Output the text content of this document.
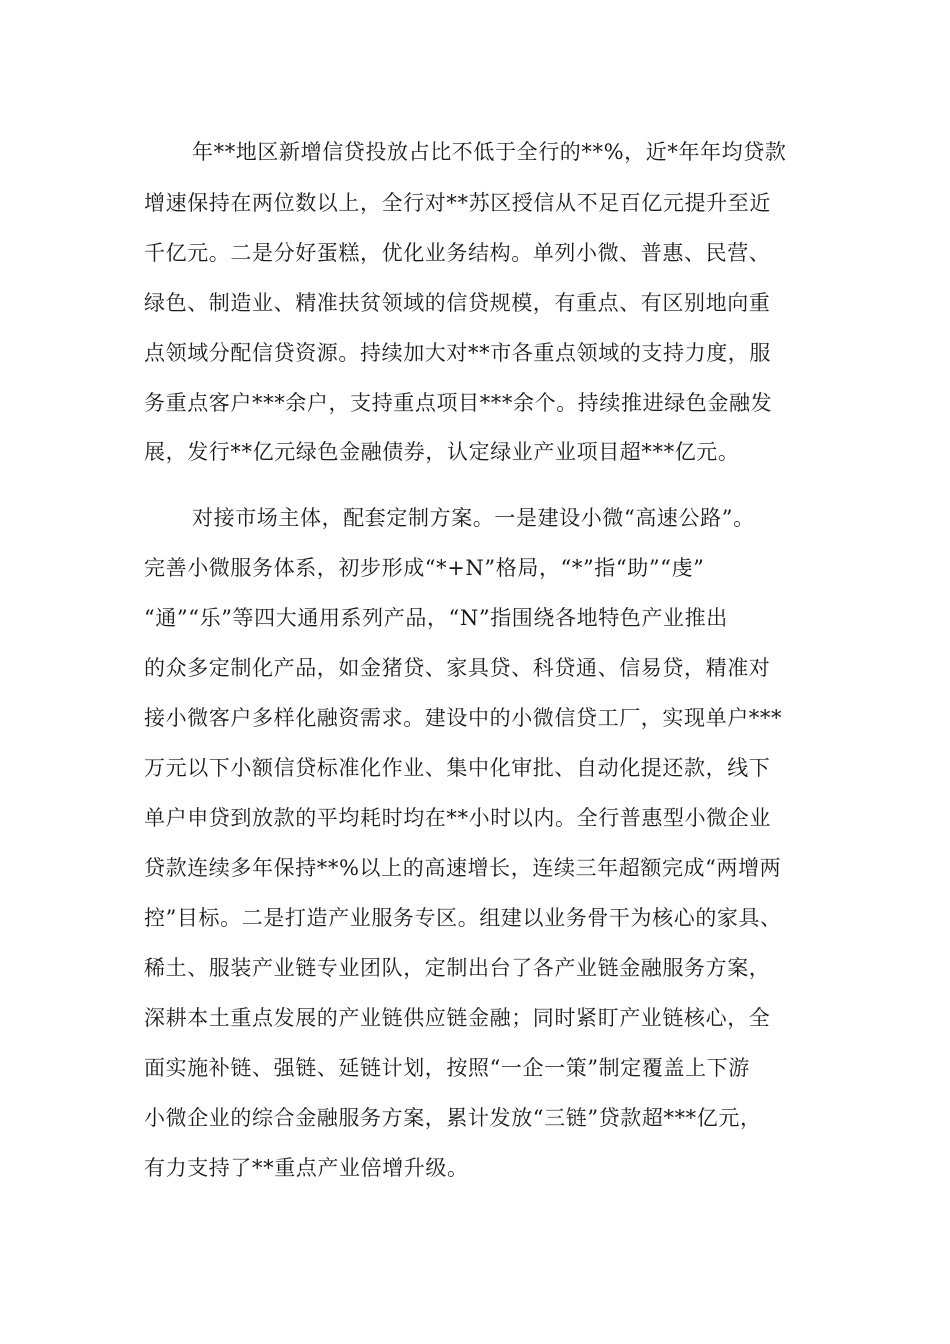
年**地区新增信贷投放占比不低于全行的**%，近*年年均贷款
增速保持在两位数以上，全行对**苏区授信从不足百亿元提升至近
千亿元。二是分好蛋糕，优化业务结构。单列小微、普惠、民营、
绿色、制造业、精准扶贫领域的信贷规模，有重点、有区别地向重
点领域分配信贷资源。持续加大对**市各重点领域的支持力度，服
务重点客户***余户，支持重点项目***余个。持续推进绿色金融发
展，发行**亿元绿色金融债券，认定绿业产业项目超***亿元。
对接市场主体，配套定制方案。一是建设小微“高速公路”。
完善小微服务体系，初步形成“*+N”格局，“*”指“助”“虔”
“通”“乐”等四大通用系列产品，“N”指围绕各地特色产业推出
的众多定制化产品，如金猪贷、家具贷、科贷通、信易贷，精准对
接小微客户多样化融资需求。建设中的小微信贷工厂，实现单户***
万元以下小额信贷标准化作业、集中化审批、自动化提还款，线下
单户申贷到放款的平均耗时均在**小时以内。全行普惠型小微企业
贷款连续多年保持**%以上的高速增长，连续三年超额完成“两增两
控”目标。二是打造产业服务专区。组建以业务骨干为核心的家具、
稀土、服装产业链专业团队，定制出台了各产业链金融服务方案，
深耕本土重点发展的产业链供应链金融；同时紧盯产业链核心，全
面实施补链、强链、延链计划，按照“一企一策”制定覆盖上下游
小微企业的综合金融服务方案，累计发放“三链”贷款超***亿元，
有力支持了**重点产业倍增升级。
